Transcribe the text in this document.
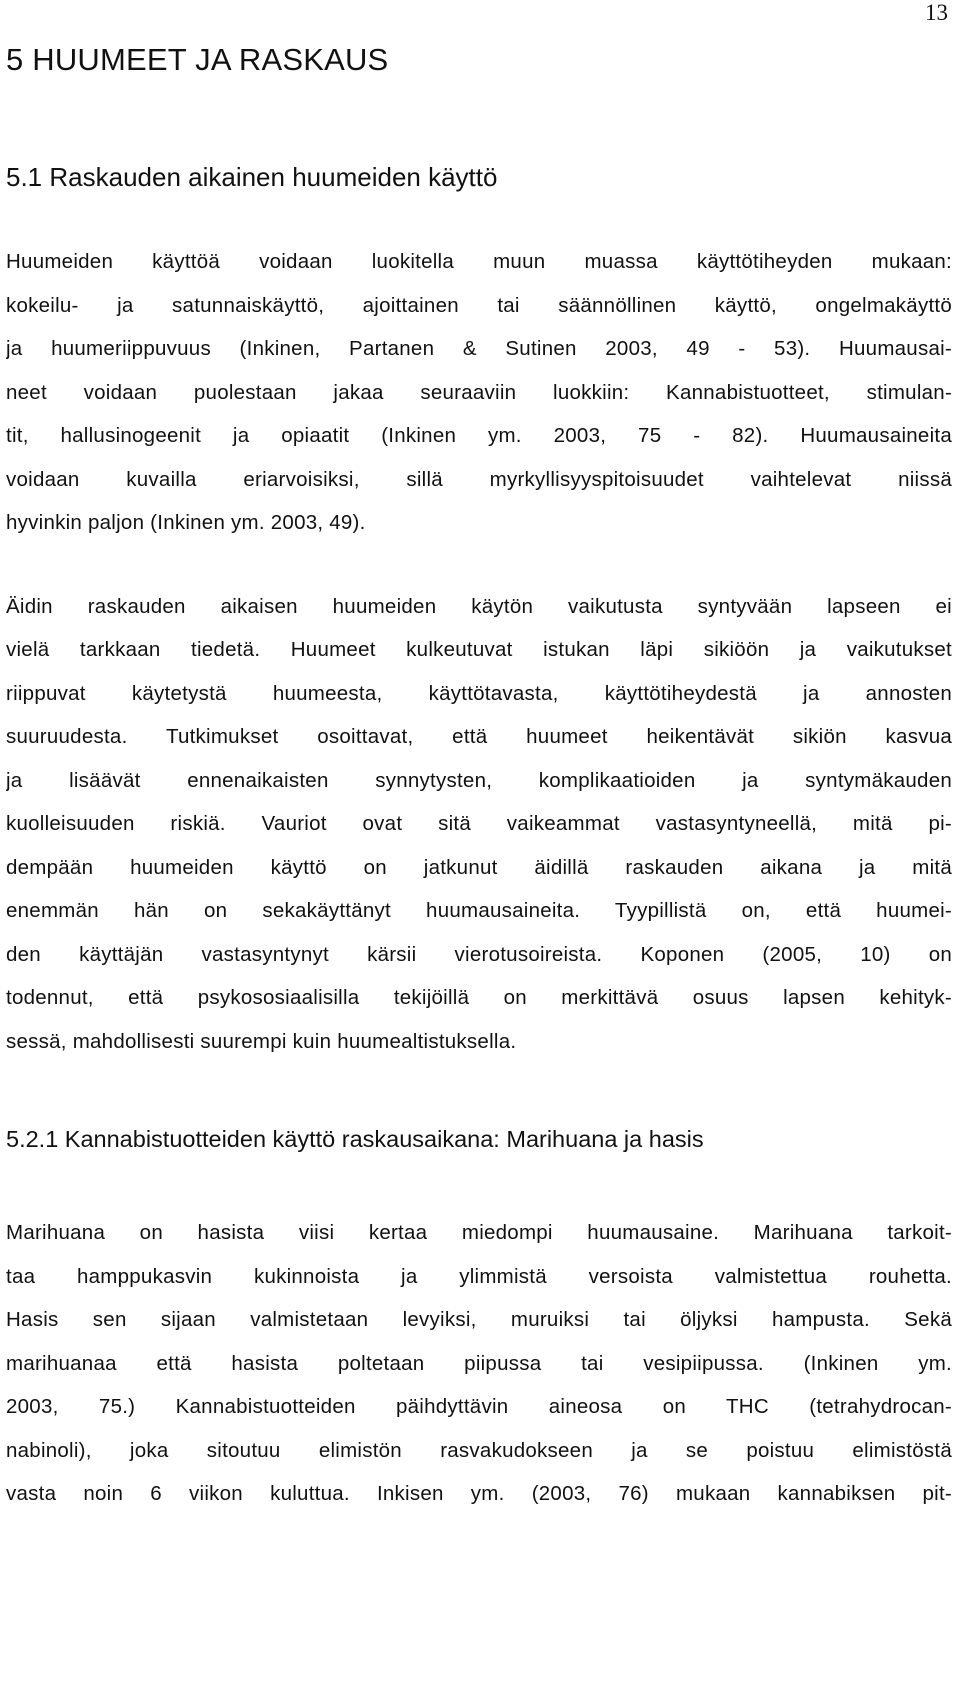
13
5 HUUMEET JA RASKAUS
5.1 Raskauden aikainen huumeiden käyttö

Huumeiden käyttöä voidaan luokitella muun muassa käyttötiheyden mukaan:
kokeilu- ja satunnaiskäyttö, ajoittainen tai säännöllinen käyttö, ongelmakäyttö
ja huumeriippuvuus (Inkinen, Partanen & Sutinen 2003, 49 - 53). Huumausai-
neet voidaan puolestaan jakaa seuraaviin luokkiin: Kannabistuotteet, stimulan-
tit, hallusinogeenit ja opiaatit (Inkinen ym. 2003, 75 - 82). Huumausaineita
voidaan kuvailla eriarvoisiksi, sillä myrkyllisyyspitoisuudet vaihtelevat niissä
hyvinkin paljon (Inkinen ym. 2003, 49).

Äidin raskauden aikaisen huumeiden käytön vaikutusta syntyvään lapseen ei
vielä tarkkaan tiedetä. Huumeet kulkeutuvat istukan läpi sikiöön ja vaikutukset
riippuvat käytetystä huumeesta, käyttötavasta, käyttötiheydestä ja annosten
suuruudesta. Tutkimukset osoittavat, että huumeet heikentävät sikiön kasvua
ja lisäävät ennenaikaisten synnytysten, komplikaatioiden ja syntymäkauden
kuolleisuuden riskiä. Vauriot ovat sitä vaikeammat vastasyntyneellä, mitä pi-
dempään huumeiden käyttö on jatkunut äidillä raskauden aikana ja mitä
enemmän hän on sekakäyttänyt huumausaineita. Tyypillistä on, että huumei-
den käyttäjän vastasyntynyt kärsii vierotusoireista. Koponen (2005, 10) on
todennut, että psykososiaalisilla tekijöillä on merkittävä osuus lapsen kehityk-
sessä, mahdollisesti suurempi kuin huumealtistuksella.

5.2.1 Kannabistuotteiden käyttö raskausaikana: Marihuana ja hasis

Marihuana on hasista viisi kertaa miedompi huumausaine. Marihuana tarkoit-
taa hamppukasvin kukinnoista ja ylimmistä versoista valmistettua rouhetta.
Hasis sen sijaan valmistetaan levyiksi, muruiksi tai öljyksi hampusta. Sekä
marihuanaa että hasista poltetaan piipussa tai vesipiipussa. (Inkinen ym.
2003, 75.) Kannabistuotteiden päihdyttävin aineosa on THC (tetrahydrocan-
nabinoli), joka sitoutuu elimistön rasvakudokseen ja se poistuu elimistöstä
vasta noin 6 viikon kuluttua. Inkisen ym. (2003, 76) mukaan kannabiksen pit-
